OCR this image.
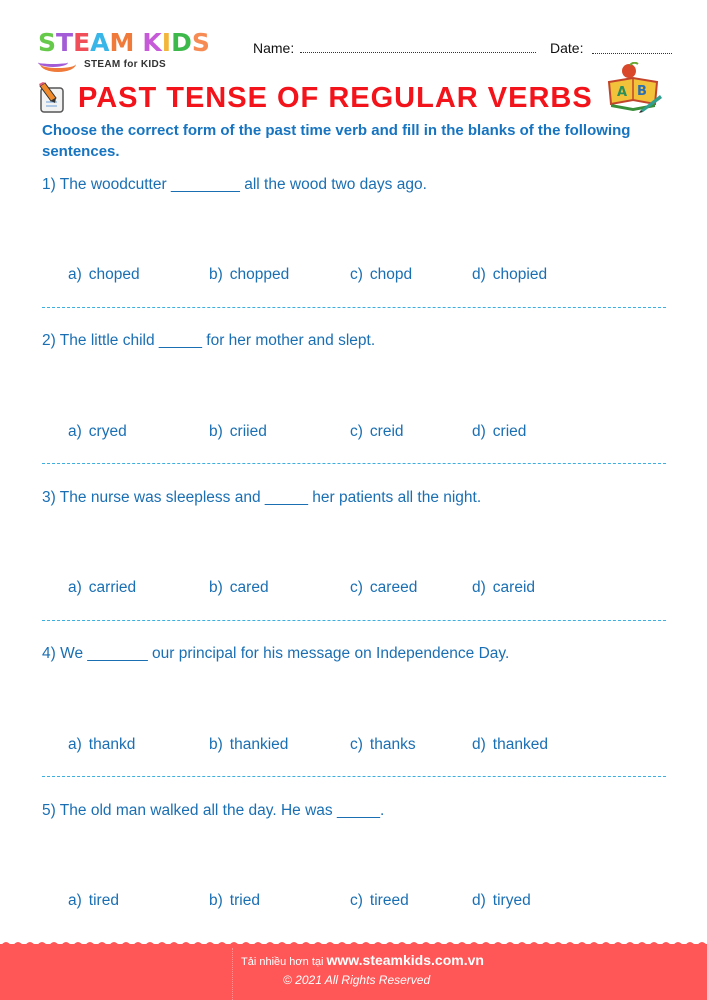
STEAM KIDS
STEAM for KIDS
Name:	Date:
A B
PAST TENSE OF REGULAR VERBS
Choose the correct form of the past time verb and fill in the blanks of the following sentences.
1) The woodcutter ________ all the wood two days ago.
a) choped	b) chopped	c) chopd	d) chopied
2) The little child _____ for her mother and slept.
a) cryed	b) criied	c) creid	d) cried
3) The nurse was sleepless and _____ her patients all the night.
a) carried	b) cared	c) careed	d) careid
4) We _______ our principal for his message on Independence Day.
a) thankd	b) thankied	c) thanks	d) thanked
5) The old man walked all the day. He was _____.
a) tired	b) tried	c) tireed	d) tiryed
Tải nhiều hơn tại www.steamkids.com.vn
© 2021 All Rights Reserved
